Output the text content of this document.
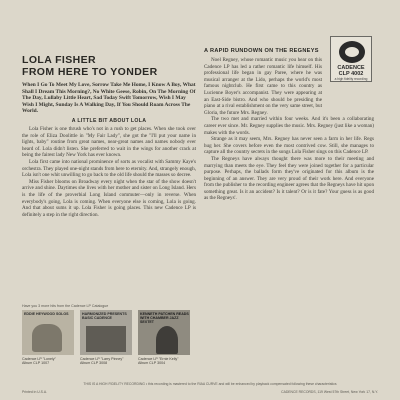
CADENCE
CLP 4002
a high fidelity recording
LOLA FISHER
FROM HERE TO YONDER
When I Go To Meet My Love, Sorrow Take Me Home, I Know A Boy, What Shall I Dream This Morning?, No White Geese, Robin, On The Morning Of The Day, Lullaby Little Heart, Sad Today Swift Tomorrow, Wish I May Wish I Might, Sunday Is A Walking Day, If You Should Roam Across The World.
A LITTLE BIT ABOUT LOLA

Lola Fisher is one thrush who's not in a rush to get places. When she took over the role of Eliza Doolittle in "My Fair Lady", she got the "I'll put your name in lights, baby" routine from great names, near-great names and names nobody ever heard of. Lola didn't listen. She preferred to wait in the wings for another crack at being the fairest lady New York has ever known.

Lola first came into national prominence of sorts as vocalist with Sammy Kaye's orchestra. They played one-night stands from here to eternity. And, strangely enough, Lola isn't one whit unwilling to go back to the old life should the masses so decree.

Miss Fisher blooms on Broadway every night when the star of the show doesn't arrive and shine. Daytimes she lives with her mother and sister on Long Island. Hers is the life of the proverbial Long Island commuter—only in reverse. When everybody's going, Lola is coming. When everyone else is coming, Lola is going. And that about sums it up. Lola Fisher is going places. This new Cadence LP is definitely a step in the right direction.

A RAPID RUNDOWN ON THE REGNEYS

Noel Regney, whose romantic music you hear on this Cadence LP has led a rather romantic life himself. His professional life began in gay Paree, where he was musical arranger at the Lido, perhaps the world's most famous nightclub. He first came to this country as Lucienne Boyer's accompanist. They were appearing at an East-Side bistro. And who should be presiding the piano at a rival establishment on the very same street, but Gloria, the future Mrs. Regney.

The two met and married within four weeks. And it's been a collaborating career ever since. Mr. Regney supplies the music. Mrs. Regney (just like a woman) makes with the words.

Strange as it may seem, Mrs. Regney has never seen a farm in her life. Regs hug her. She covers before even the most contrived cow. Still, she manages to capture all the country secrets in the songs Lola Fisher sings on this Cadence LP.

The Regneys have always thought there was more to their meeting and marrying than meets the eye. They feel they were joined together for a particular purpose. Perhaps, the ballads form they've originated for this album is the beginning of an answer. They are very proud of their work here. And everyone from the publisher to the recording engineer agrees that the Regneys have hit upon something great. Is it an accident? Is it talent? Or is it fate? Your guess is as good as the Regneys'.

Have you 3 more hits from the Cadence LP Catalogue
EDDIE HEYWOOD SOLOS
Cadence LP "Lonely"
Album CLP 1007
HARMONIZED PRESENTS BASIC CADENCE
Cadence LP "Larry Pinney"
Album CLP 3008
KENNETH PATCHEN READS WITH CHAMBER JAZZ SEXTET
Cadence LP "Ernie Kelly"
Album CLP 3004
THIS IS A HIGH FIDELITY RECORDING • this recording is mastered to the RIAA CURVE and will be enhanced by playback compensated following these characteristics
Printed in U.S.A.	CADENCE RECORDS, 119 West 57th Street, New York 17, N.Y.
